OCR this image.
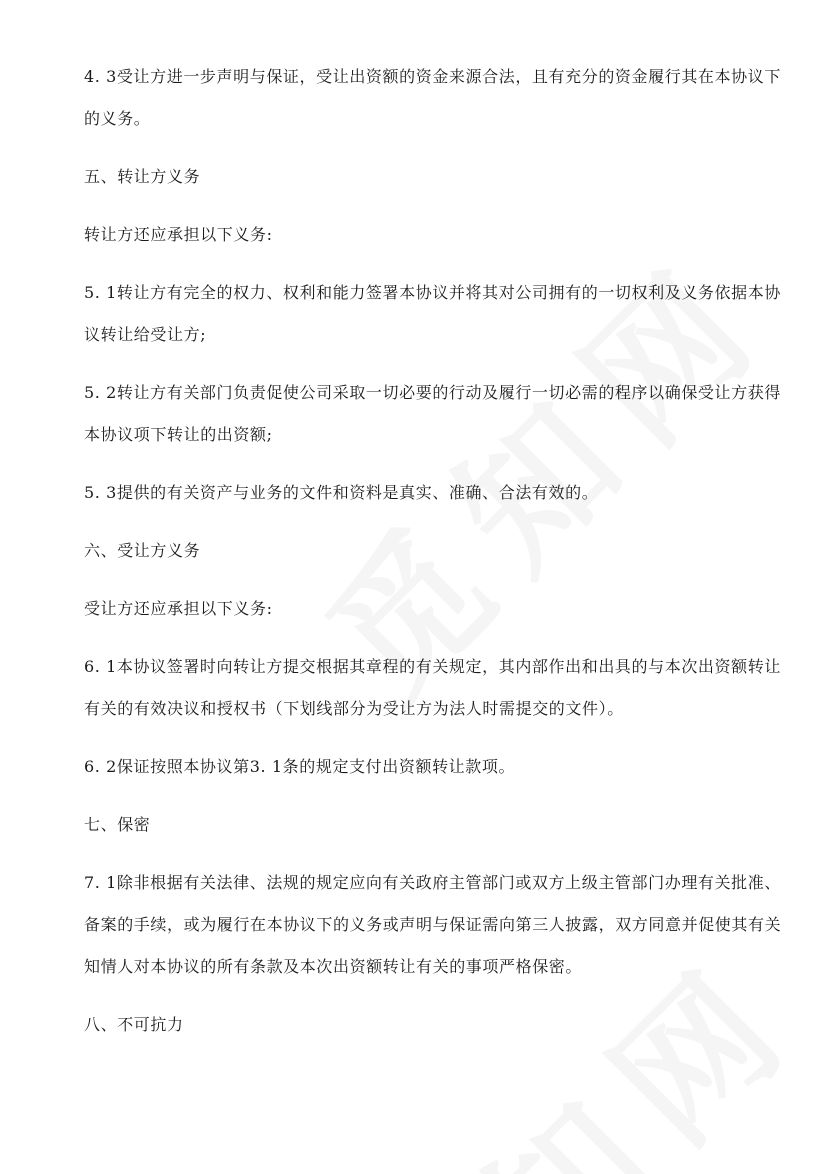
4. 3受让方进一步声明与保证，受让出资额的资金来源合法，且有充分的资金履行其在本协议下的义务。

五、转让方义务

转让方还应承担以下义务:

5. 1转让方有完全的权力、权利和能力签署本协议并将其对公司拥有的一切权利及义务依据本协议转让给受让方;

5. 2转让方有关部门负责促使公司采取一切必要的行动及履行一切必需的程序以确保受让方获得本协议项下转让的出资额;

5. 3提供的有关资产与业务的文件和资料是真实、准确、合法有效的。

六、受让方义务

受让方还应承担以下义务:

6. 1本协议签署时向转让方提交根据其章程的有关规定，其内部作出和出具的与本次出资额转让有关的有效决议和授权书（下划线部分为受让方为法人时需提交的文件）。

6. 2保证按照本协议第3. 1条的规定支付出资额转让款项。

七、保密

7. 1除非根据有关法律、法规的规定应向有关政府主管部门或双方上级主管部门办理有关批准、备案的手续，或为履行在本协议下的义务或声明与保证需向第三人披露，双方同意并促使其有关知情人对本协议的所有条款及本次出资额转让有关的事项严格保密。

八、不可抗力
